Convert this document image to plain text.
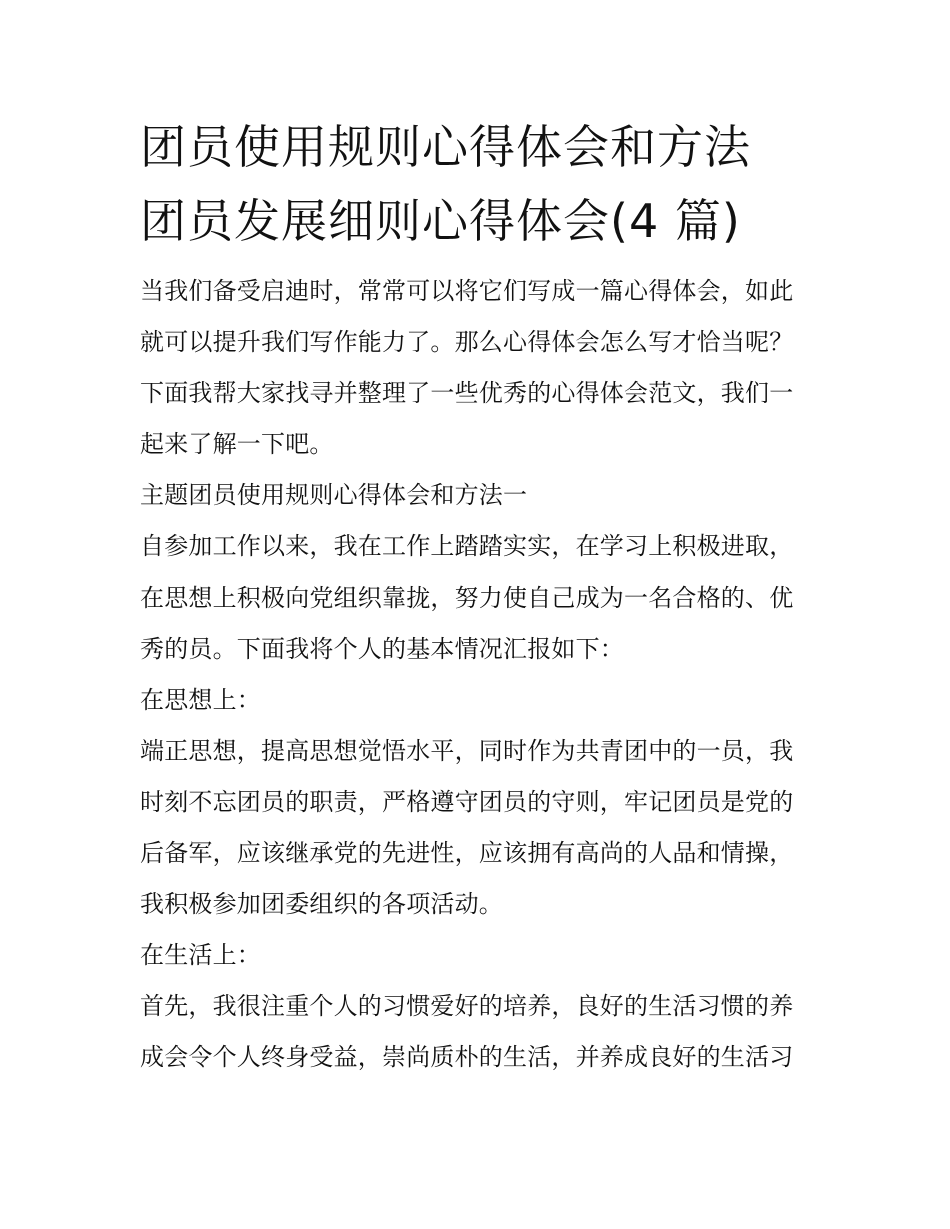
团员使用规则心得体会和方法
团员发展细则心得体会(4 篇)

当我们备受启迪时，常常可以将它们写成一篇心得体会，如此

就可以提升我们写作能力了。那么心得体会怎么写才恰当呢？

下面我帮大家找寻并整理了一些优秀的心得体会范文，我们一

起来了解一下吧。

主题团员使用规则心得体会和方法一

自参加工作以来，我在工作上踏踏实实，在学习上积极进取，

在思想上积极向党组织靠拢，努力使自己成为一名合格的、优

秀的员。下面我将个人的基本情况汇报如下：

在思想上：

端正思想，提高思想觉悟水平，同时作为共青团中的一员，我

时刻不忘团员的职责，严格遵守团员的守则，牢记团员是党的

后备军，应该继承党的先进性，应该拥有高尚的人品和情操，

我积极参加团委组织的各项活动。

在生活上：

首先，我很注重个人的习惯爱好的培养，良好的生活习惯的养

成会令个人终身受益，崇尚质朴的生活，并养成良好的生活习
